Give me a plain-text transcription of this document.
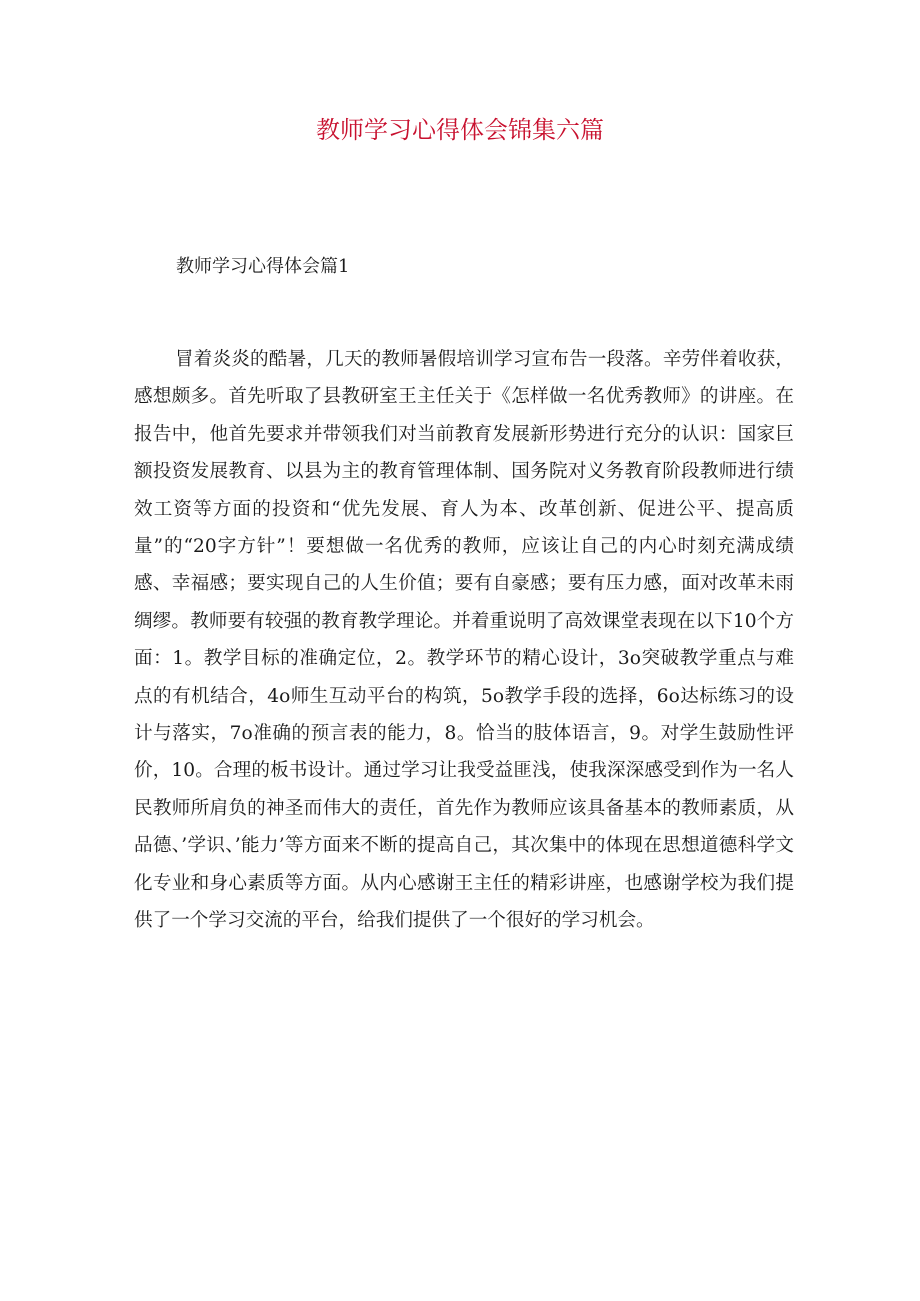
教师学习心得体会锦集六篇
教师学习心得体会篇1

冒着炎炎的酷暑，几天的教师暑假培训学习宣布告一段落。辛劳伴着收获，感想颇多。首先听取了县教研室王主任关于《怎样做一名优秀教师》的讲座。在报告中，他首先要求并带领我们对当前教育发展新形势进行充分的认识：国家巨额投资发展教育、以县为主的教育管理体制、国务院对义务教育阶段教师进行绩效工资等方面的投资和“优先发展、育人为本、改革创新、促进公平、提高质量”的“20字方针”！要想做一名优秀的教师，应该让自己的内心时刻充满成绩感、幸福感；要实现自己的人生价值；要有自豪感；要有压力感，面对改革未雨绸缪。教师要有较强的教育教学理论。并着重说明了高效课堂表现在以下10个方面：1。教学目标的准确定位，2。教学环节的精心设计，3o突破教学重点与难点的有机结合，4o师生互动平台的构筑，5o教学手段的选择，6o达标练习的设计与落实，7o准确的预言表的能力，8。恰当的肢体语言，9。对学生鼓励性评价，10。合理的板书设计。通过学习让我受益匪浅，使我深深感受到作为一名人民教师所肩负的神圣而伟大的责任，首先作为教师应该具备基本的教师素质，从品德、’学识、’能力’等方面来不断的提高自己，其次集中的体现在思想道德科学文化专业和身心素质等方面。从内心感谢王主任的精彩讲座，也感谢学校为我们提供了一个学习交流的平台，给我们提供了一个很好的学习机会。
